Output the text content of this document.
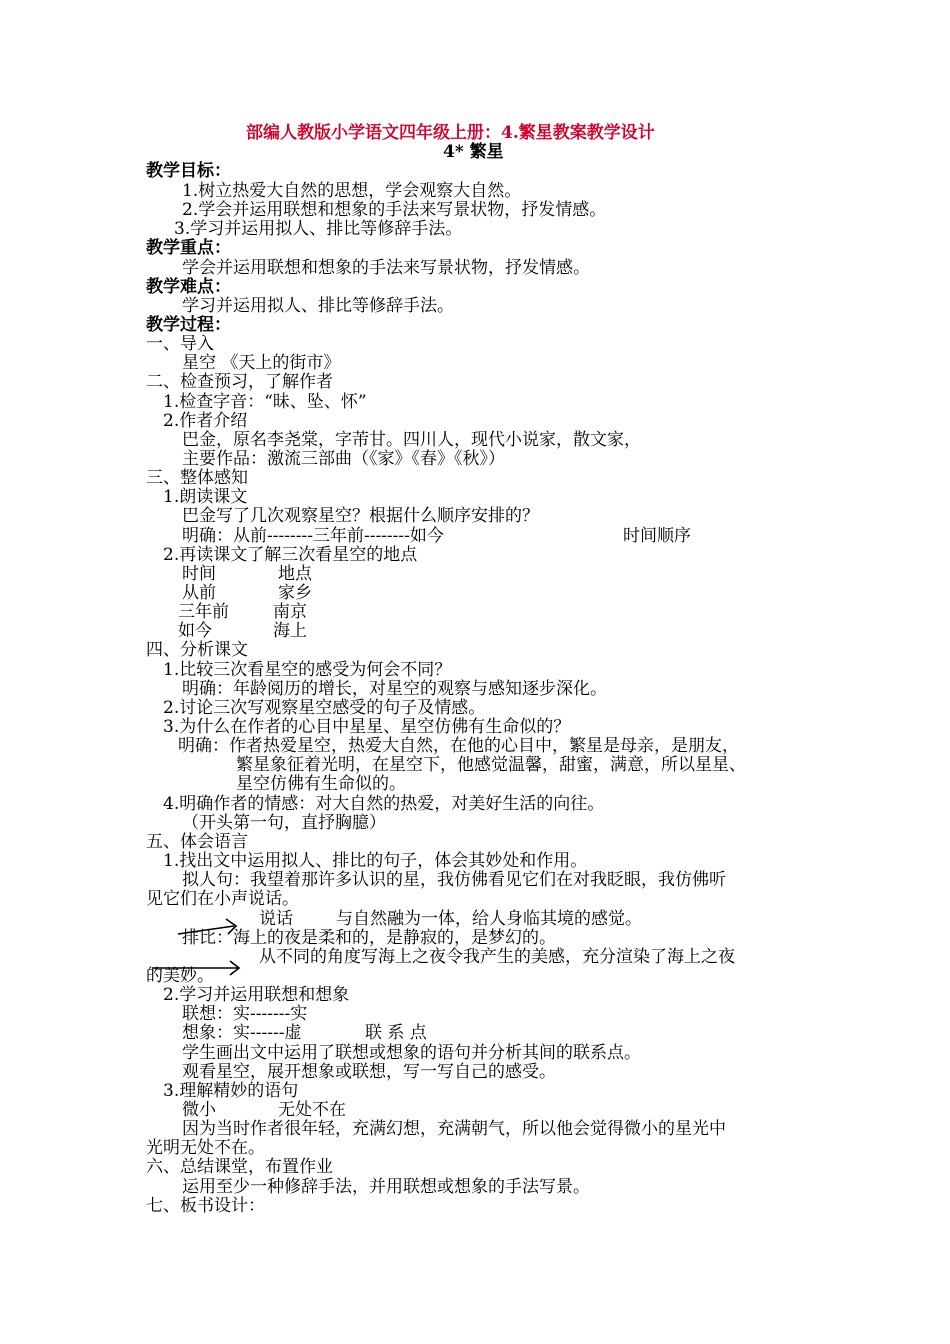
部编人教版小学语文四年级上册：4.繁星教案教学设计
4* 繁星
教学目标：
1.树立热爱大自然的思想，学会观察大自然。
2.学会并运用联想和想象的手法来写景状物，抒发情感。
3.学习并运用拟人、排比等修辞手法。
教学重点：
学会并运用联想和想象的手法来写景状物，抒发情感。
教学难点：
学习并运用拟人、排比等修辞手法。
教学过程：
一、导入
星空 《天上的街市》
二、检查预习，了解作者
1.检查字音：“昧、坠、怀”
2.作者介绍
巴金，原名李尧棠，字芾甘。四川人，现代小说家，散文家，
主要作品：激流三部曲（《家》《春》《秋》）
三、整体感知
1.朗读课文
巴金写了几次观察星空？根据什么顺序安排的？
明确：从前--------三年前--------如今	时间顺序
2.再读课文了解三次看星空的地点
时间	地点
从前	家乡
三年前	南京
如今	海上
四、分析课文
1.比较三次看星空的感受为何会不同？
明确：年龄阅历的增长，对星空的观察与感知逐步深化。
2.讨论三次写观察星空感受的句子及情感。
3.为什么在作者的心目中星星、星空仿佛有生命似的？
明确：作者热爱星空，热爱大自然，在他的心目中，繁星是母亲，是朋友，
繁星象征着光明，在星空下，他感觉温馨，甜蜜，满意，所以星星、
星空仿佛有生命似的。
4.明确作者的情感：对大自然的热爱，对美好生活的向往。
（开头第一句，直抒胸臆）
五、体会语言
1.找出文中运用拟人、排比的句子，体会其妙处和作用。
拟人句：我望着那许多认识的星，我仿佛看见它们在对我眨眼，我仿佛听
见它们在小声说话。
说话	与自然融为一体，给人身临其境的感觉。
排比：海上的夜是柔和的，是静寂的，是梦幻的。
从不同的角度写海上之夜令我产生的美感，充分渲染了海上之夜
的美妙。
2.学习并运用联想和想象
联想：实-------实
想象：实------虚	联 系 点
学生画出文中运用了联想或想象的语句并分析其间的联系点。
观看星空，展开想象或联想，写一写自己的感受。
3.理解精妙的语句
微小	无处不在
因为当时作者很年轻，充满幻想，充满朝气，所以他会觉得微小的星光中
光明无处不在。
六、总结课堂，布置作业
运用至少一种修辞手法，并用联想或想象的手法写景。
七、板书设计：
